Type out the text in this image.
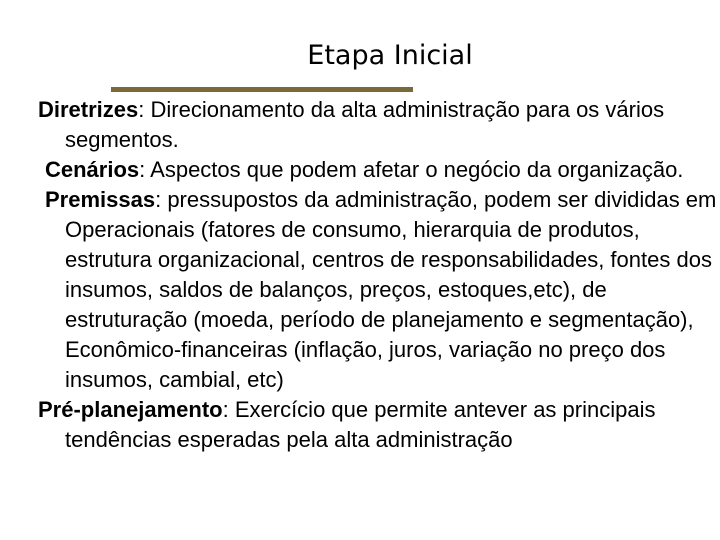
Etapa Inicial

Diretrizes: Direcionamento da alta administração para os vários segmentos.

Cenários: Aspectos que podem afetar o negócio da organização.

Premissas: pressupostos da administração, podem ser divididas em Operacionais (fatores de consumo, hierarquia de produtos, estrutura organizacional, centros de responsabilidades, fontes dos insumos, saldos de balanços, preços, estoques,etc), de estruturação (moeda, período de planejamento e segmentação), Econômico-financeiras (inflação, juros, variação no preço dos insumos, cambial, etc)

Pré-planejamento: Exercício que permite antever as principais tendências esperadas pela alta administração
